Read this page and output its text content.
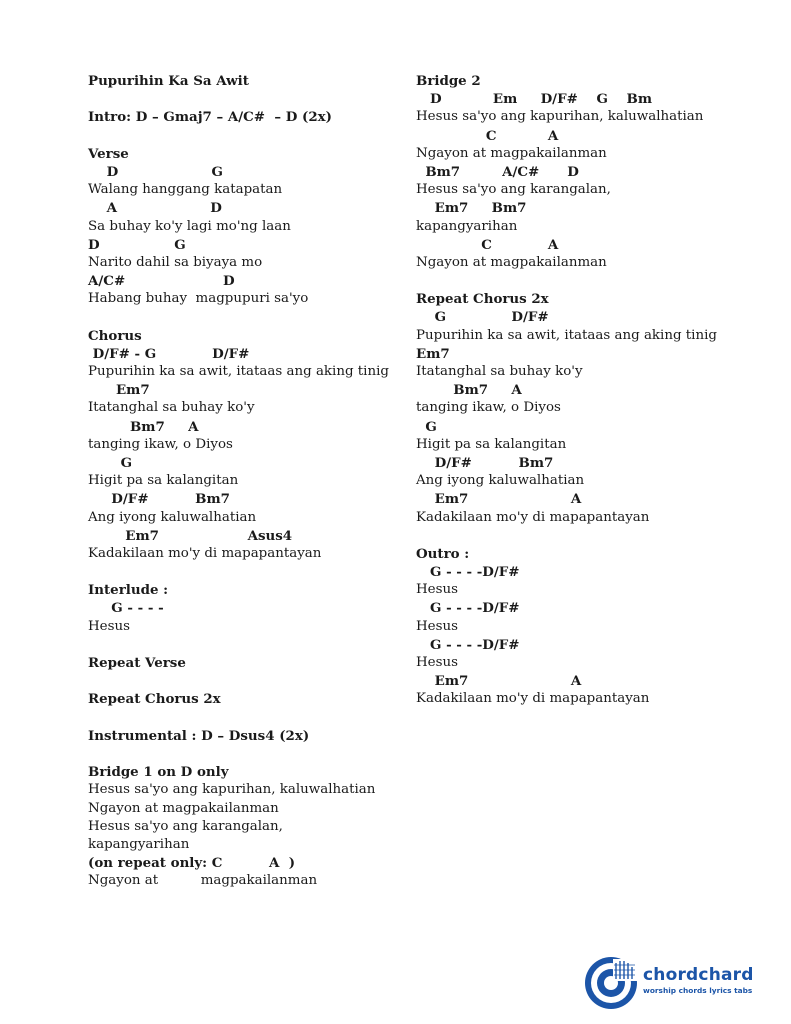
Pupurihin Ka Sa Awit
Intro: D – Gmaj7 – A/C#  – D (2x)
Verse
D                    G
Walang hanggang katapatan
A                    D
Sa buhay ko'y lagi mo'ng laan
D                G
Narito dahil sa biyaya mo
A/C#                     D
Habang buhay  magpupuri sa'yo
Chorus
D/F# - G            D/F#
Pupurihin ka sa awit, itataas ang aking tinig
Em7
Itatanghal sa buhay ko'y
Bm7     A
tanging ikaw, o Diyos
G
Higit pa sa kalangitan
D/F#          Bm7
Ang iyong kaluwalhatian
Em7                   Asus4
Kadakilaan mo'y di mapapantayan
Interlude :
G - - - -
Hesus
Repeat Verse
Repeat Chorus 2x
Instrumental : D – Dsus4 (2x)
Bridge 1 on D only
Hesus sa'yo ang kapurihan, kaluwalhatian
Ngayon at magpakailanman
Hesus sa'yo ang karangalan,
kapangyarihan
(on repeat only: C          A  )
Ngayon at          magpakailanman
Bridge 2
D           Em     D/F#    G    Bm
Hesus sa'yo ang kapurihan, kaluwalhatian
C           A
Ngayon at magpakailanman
Bm7         A/C#      D
Hesus sa'yo ang karangalan,
Em7     Bm7
kapangyarihan
C            A
Ngayon at magpakailanman
Repeat Chorus 2x
G              D/F#
Pupurihin ka sa awit, itataas ang aking tinig
Em7
Itatanghal sa buhay ko'y
Bm7     A
tanging ikaw, o Diyos
G
Higit pa sa kalangitan
D/F#          Bm7
Ang iyong kaluwalhatian
Em7                      A
Kadakilaan mo'y di mapapantayan
Outro :
G - - - -D/F#
Hesus
G - - - -D/F#
Hesus
G - - - -D/F#
Hesus
Em7                      A
Kadakilaan mo'y di mapapantayan
chordchard
worship chords lyrics tabs
